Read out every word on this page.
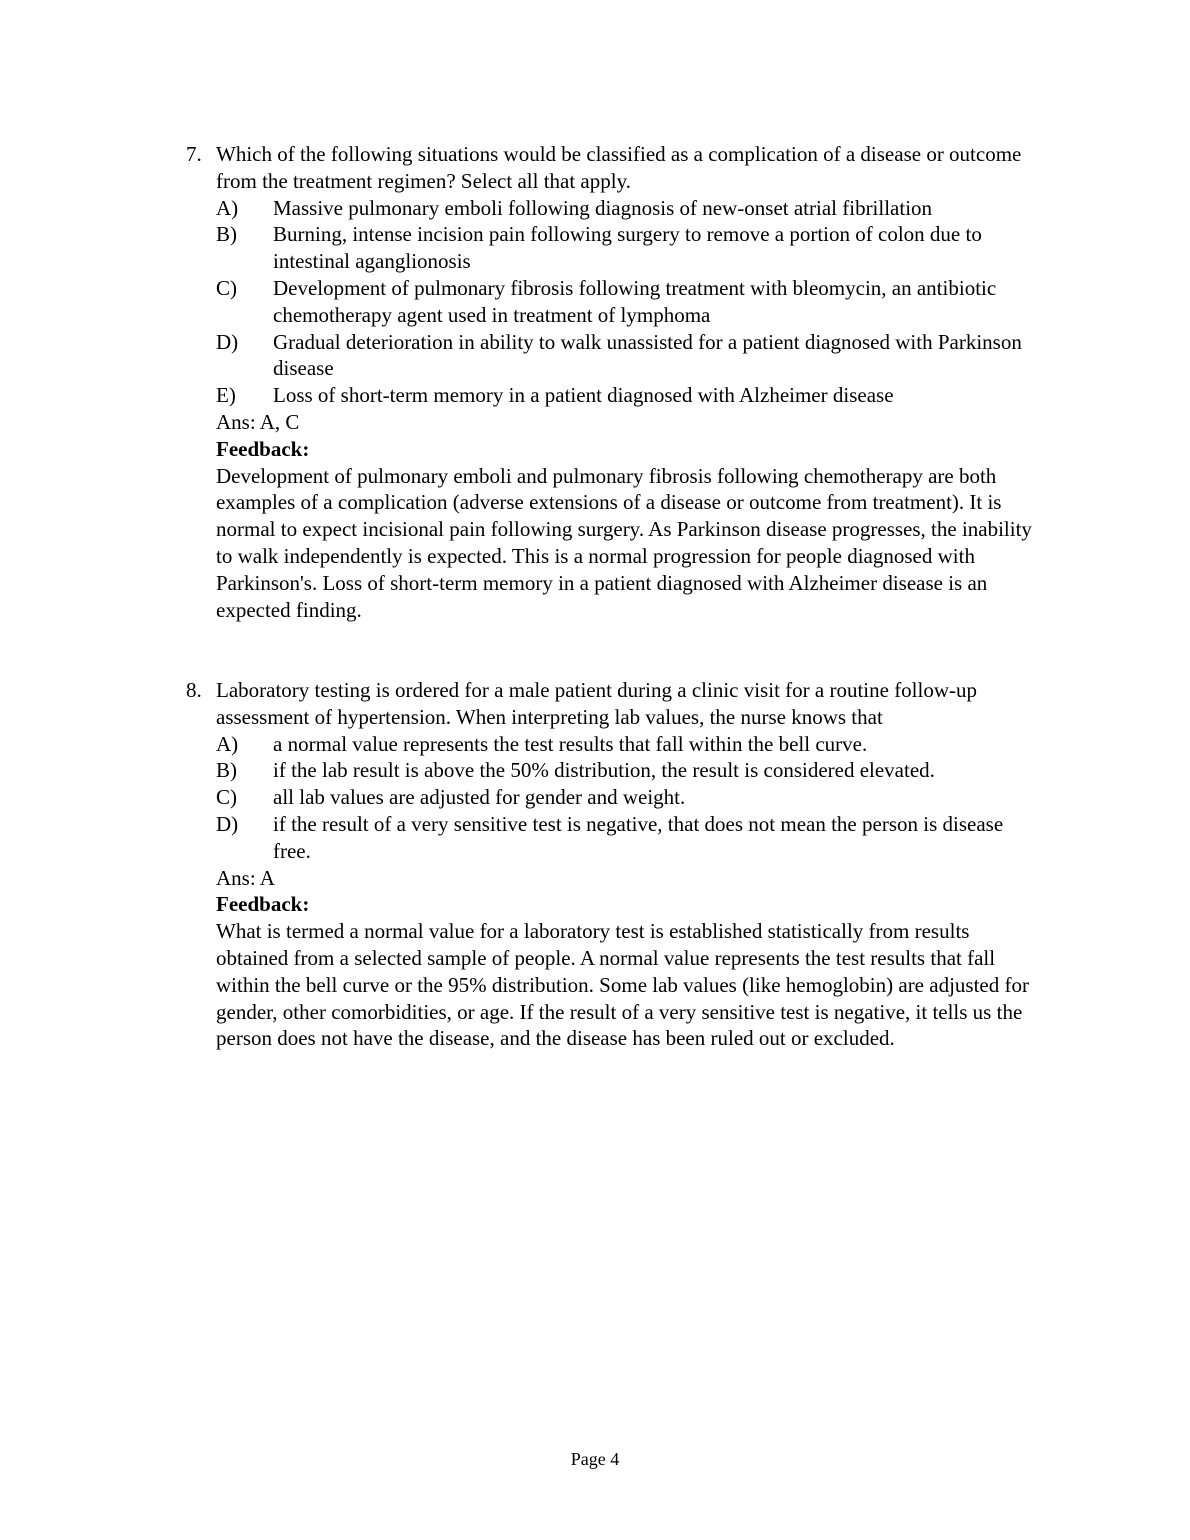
7. Which of the following situations would be classified as a complication of a disease or outcome from the treatment regimen? Select all that apply.
A) Massive pulmonary emboli following diagnosis of new-onset atrial fibrillation
B) Burning, intense incision pain following surgery to remove a portion of colon due to intestinal aganglionosis
C) Development of pulmonary fibrosis following treatment with bleomycin, an antibiotic chemotherapy agent used in treatment of lymphoma
D) Gradual deterioration in ability to walk unassisted for a patient diagnosed with Parkinson disease
E) Loss of short-term memory in a patient diagnosed with Alzheimer disease
Ans: A, C
Feedback:
Development of pulmonary emboli and pulmonary fibrosis following chemotherapy are both examples of a complication (adverse extensions of a disease or outcome from treatment). It is normal to expect incisional pain following surgery. As Parkinson disease progresses, the inability to walk independently is expected. This is a normal progression for people diagnosed with Parkinson's. Loss of short-term memory in a patient diagnosed with Alzheimer disease is an expected finding.
8. Laboratory testing is ordered for a male patient during a clinic visit for a routine follow-up assessment of hypertension. When interpreting lab values, the nurse knows that
A) a normal value represents the test results that fall within the bell curve.
B) if the lab result is above the 50% distribution, the result is considered elevated.
C) all lab values are adjusted for gender and weight.
D) if the result of a very sensitive test is negative, that does not mean the person is disease free.
Ans: A
Feedback:
What is termed a normal value for a laboratory test is established statistically from results obtained from a selected sample of people. A normal value represents the test results that fall within the bell curve or the 95% distribution. Some lab values (like hemoglobin) are adjusted for gender, other comorbidities, or age. If the result of a very sensitive test is negative, it tells us the person does not have the disease, and the disease has been ruled out or excluded.
Page 4
